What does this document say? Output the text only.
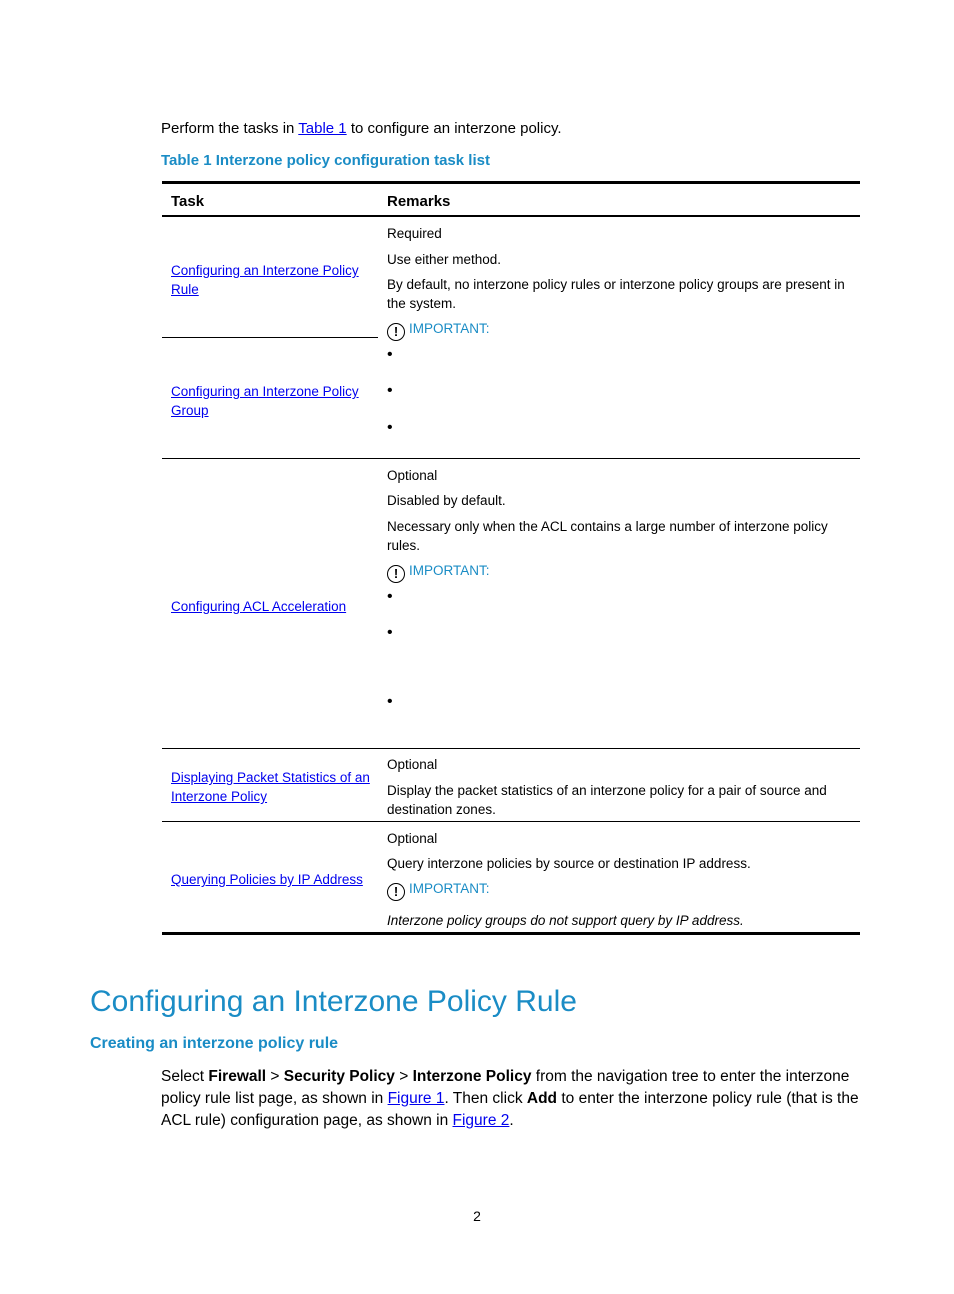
Perform the tasks in Table 1 to configure an interzone policy.
Table 1 Interzone policy configuration task list
Task	Remarks
Configuring an Interzone Policy Rule
Configuring an Interzone Policy Group
Required
Use either method.
By default, no interzone policy rules or interzone policy groups are present in the system.
! IMPORTANT:
•
•
•
Configuring ACL Acceleration
Optional
Disabled by default.
Necessary only when the ACL contains a large number of interzone policy rules.
! IMPORTANT:
•
•
•
Displaying Packet Statistics of an Interzone Policy
Optional
Display the packet statistics of an interzone policy for a pair of source and destination zones.
Querying Policies by IP Address
Optional
Query interzone policies by source or destination IP address.
! IMPORTANT:
Interzone policy groups do not support query by IP address.
Configuring an Interzone Policy Rule
Creating an interzone policy rule
Select Firewall > Security Policy > Interzone Policy from the navigation tree to enter the interzone policy rule list page, as shown in Figure 1. Then click Add to enter the interzone policy rule (that is the ACL rule) configuration page, as shown in Figure 2.
2
